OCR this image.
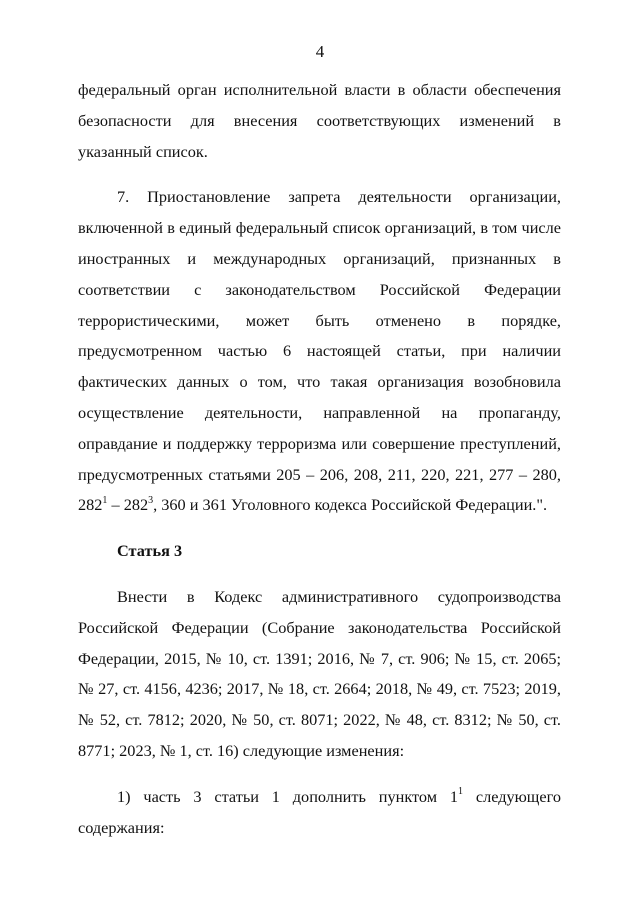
4

федеральный орган исполнительной власти в области обеспечения безопасности для внесения соответствующих изменений в указанный список.

7. Приостановление запрета деятельности организации, включенной в единый федеральный список организаций, в том числе иностранных и международных организаций, признанных в соответствии с законодательством Российской Федерации террористическими, может быть отменено в порядке, предусмотренном частью 6 настоящей статьи, при наличии фактических данных о том, что такая организация возобновила осуществление деятельности, направленной на пропаганду, оправдание и поддержку терроризма или совершение преступлений, предусмотренных статьями 205 – 206, 208, 211, 220, 221, 277 – 280, $282^1 - 282^3$, 360 и 361 Уголовного кодекса Российской Федерации.".

Статья 3

Внести в Кодекс административного судопроизводства Российской Федерации (Собрание законодательства Российской Федерации, 2015, № 10, ст. 1391; 2016, № 7, ст. 906; № 15, ст. 2065; № 27, ст. 4156, 4236; 2017, № 18, ст. 2664; 2018, № 49, ст. 7523; 2019, № 52, ст. 7812; 2020, № 50, ст. 8071; 2022, № 48, ст. 8312; № 50, ст. 8771; 2023, № 1, ст. 16) следующие изменения:

1) часть 3 статьи 1 дополнить пунктом $1^1$ следующего содержания:
